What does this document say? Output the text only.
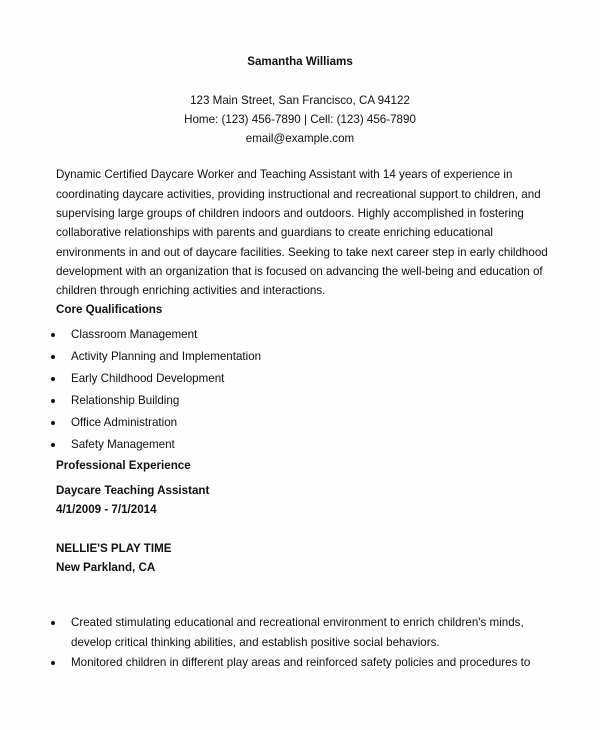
Samantha Williams
123 Main Street, San Francisco, CA 94122
Home: (123) 456-7890 | Cell: (123) 456-7890
email@example.com
Dynamic Certified Daycare Worker and Teaching Assistant with 14 years of experience in
coordinating daycare activities, providing instructional and recreational support to children, and
supervising large groups of children indoors and outdoors. Highly accomplished in fostering
collaborative relationships with parents and guardians to create enriching educational
environments in and out of daycare facilities. Seeking to take next career step in early childhood
development with an organization that is focused on advancing the well-being and education of
children through enriching activities and interactions.
Core Qualifications
Classroom Management
Activity Planning and Implementation
Early Childhood Development
Relationship Building
Office Administration
Safety Management
Professional Experience
Daycare Teaching Assistant
4/1/2009 - 7/1/2014
NELLIE'S PLAY TIME
New Parkland, CA
Created stimulating educational and recreational environment to enrich children's minds,
develop critical thinking abilities, and establish positive social behaviors.
Monitored children in different play areas and reinforced safety policies and procedures to
